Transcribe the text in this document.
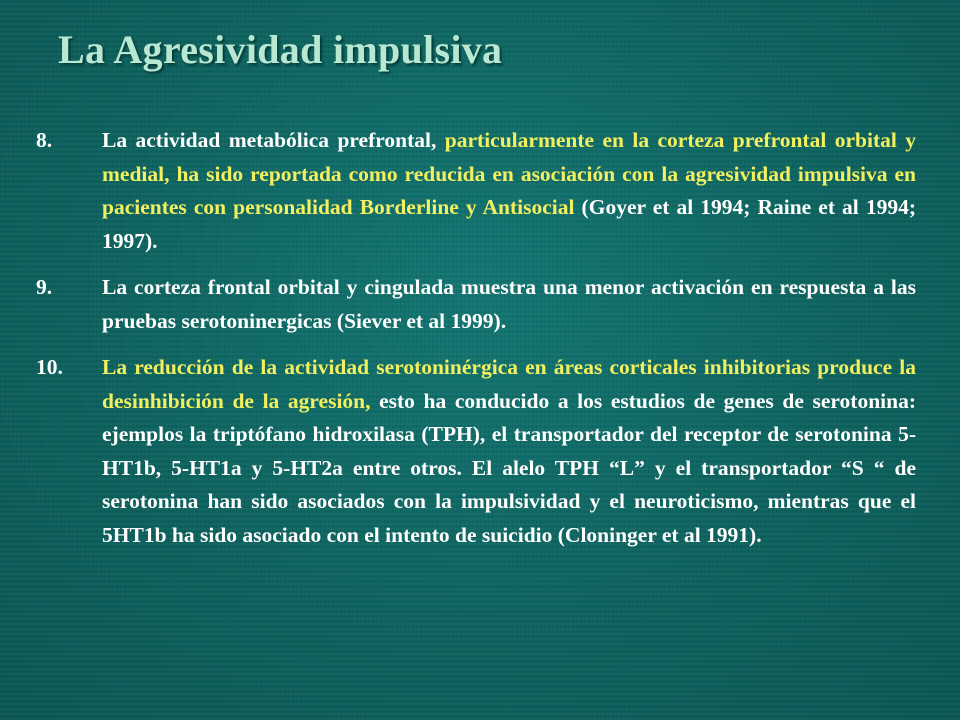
La Agresividad impulsiva
8. La actividad metabólica prefrontal, particularmente en la corteza prefrontal orbital y medial, ha sido reportada como reducida en asociación con la agresividad impulsiva en pacientes con personalidad Borderline y Antisocial (Goyer et al 1994; Raine et al 1994; 1997).
9. La corteza frontal orbital y cingulada muestra una menor activación en respuesta a las pruebas serotoninergicas (Siever et al 1999).
10. La reducción de la actividad serotoninérgica en áreas corticales inhibitorias produce la desinhibición de la agresión, esto ha conducido a los estudios de genes de serotonina: ejemplos la triptófano hidroxilasa (TPH), el transportador del receptor de serotonina 5-HT1b, 5-HT1a y 5-HT2a entre otros. El alelo TPH “L” y el transportador “S “ de serotonina han sido asociados con la impulsividad y el neuroticismo, mientras que el 5HT1b ha sido asociado con el intento de suicidio (Cloninger et al 1991).
